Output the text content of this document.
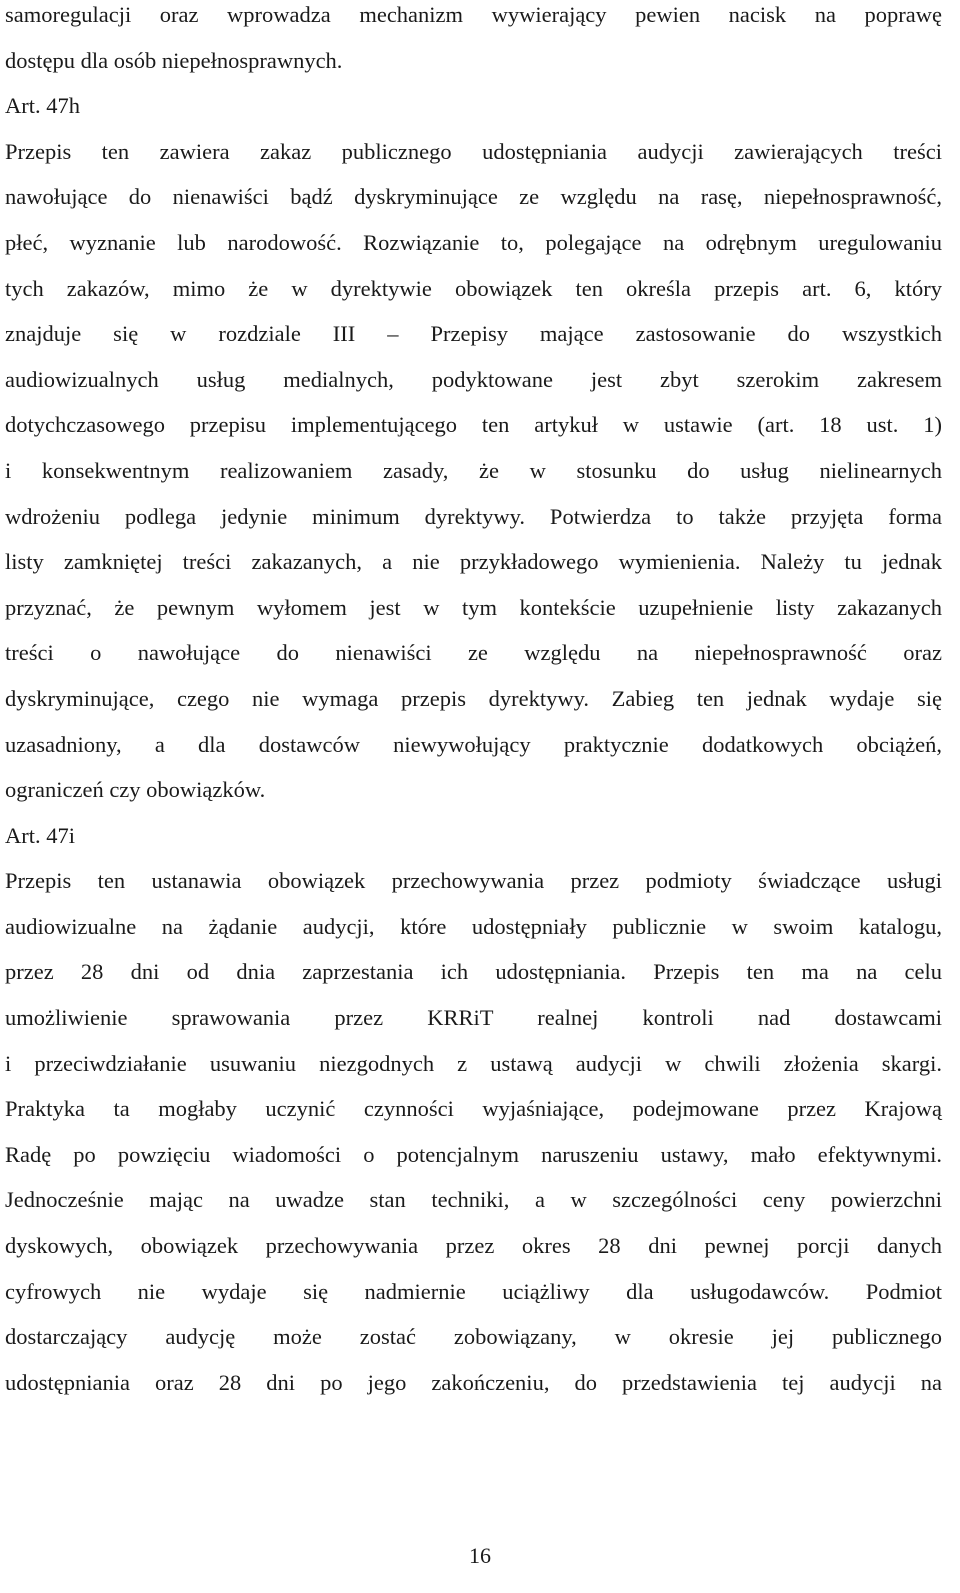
samoregulacji oraz wprowadza mechanizm wywierający pewien nacisk na poprawę
dostępu dla osób niepełnosprawnych.
Art. 47h
Przepis ten zawiera zakaz publicznego udostępniania audycji zawierających treści
nawołujące do nienawiści bądź dyskryminujące ze względu na rasę, niepełnosprawność,
płeć, wyznanie lub narodowość. Rozwiązanie to, polegające na odrębnym uregulowaniu
tych zakazów, mimo że w dyrektywie obowiązek ten określa przepis art. 6, który
znajduje się w rozdziale III – Przepisy mające zastosowanie do wszystkich
audiowizualnych usług medialnych, podyktowane jest zbyt szerokim zakresem
dotychczasowego przepisu implementującego ten artykuł w ustawie (art. 18 ust. 1)
i konsekwentnym realizowaniem zasady, że w stosunku do usług nielinearnych
wdrożeniu podlega jedynie minimum dyrektywy. Potwierdza to także przyjęta forma
listy zamkniętej treści zakazanych, a nie przykładowego wymienienia. Należy tu jednak
przyznać, że pewnym wyłomem jest w tym kontekście uzupełnienie listy zakazanych
treści o nawołujące do nienawiści ze względu na niepełnosprawność oraz
dyskryminujące, czego nie wymaga przepis dyrektywy. Zabieg ten jednak wydaje się
uzasadniony, a dla dostawców niewywołujący praktycznie dodatkowych obciążeń,
ograniczeń czy obowiązków.
Art. 47i
Przepis ten ustanawia obowiązek przechowywania przez podmioty świadczące usługi
audiowizualne na żądanie audycji, które udostępniały publicznie w swoim katalogu,
przez 28 dni od dnia zaprzestania ich udostępniania. Przepis ten ma na celu
umożliwienie sprawowania przez KRRiT realnej kontroli nad dostawcami
i przeciwdziałanie usuwaniu niezgodnych z ustawą audycji w chwili złożenia skargi.
Praktyka ta mogłaby uczynić czynności wyjaśniające, podejmowane przez Krajową
Radę po powzięciu wiadomości o potencjalnym naruszeniu ustawy, mało efektywnymi.
Jednocześnie mając na uwadze stan techniki, a w szczególności ceny powierzchni
dyskowych, obowiązek przechowywania przez okres 28 dni pewnej porcji danych
cyfrowych nie wydaje się nadmiernie uciążliwy dla usługodawców. Podmiot
dostarczający audycję może zostać zobowiązany, w okresie jej publicznego
udostępniania oraz 28 dni po jego zakończeniu, do przedstawienia tej audycji na
16
